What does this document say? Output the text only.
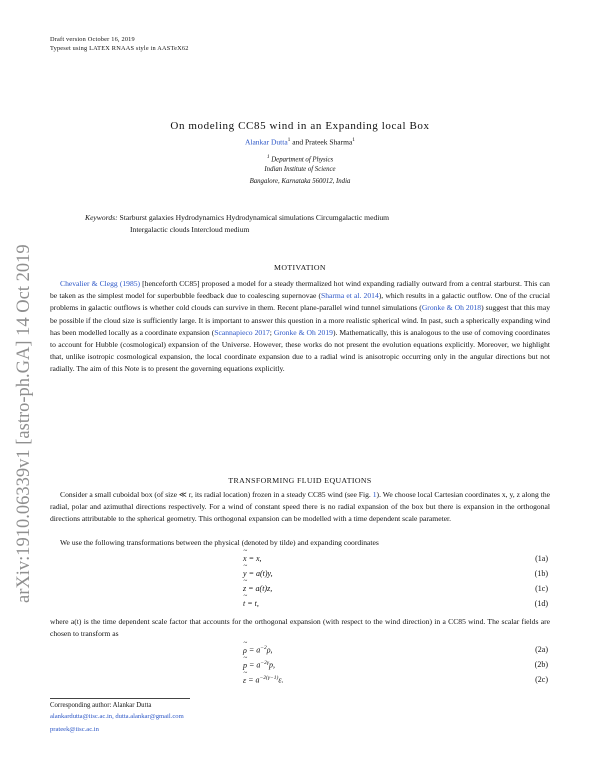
Draft version October 16, 2019
Typeset using LATEX RNAAS style in AASTeX62
arXiv:1910.06339v1 [astro-ph.GA] 14 Oct 2019
On modeling CC85 wind in an Expanding local Box
Alankar Dutta$^1$ and Prateek Sharma$^1$
$^1$ Department of Physics
Indian Institute of Science
Bangalore, Karnataka 560012, India
Keywords: Starburst galaxies Hydrodynamics Hydrodynamical simulations Circumgalactic medium
Intergalactic clouds Intercloud medium
MOTIVATION
Chevalier & Clegg (1985) [henceforth CC85] proposed a model for a steady thermalized hot wind expanding radially outward from a central starburst. This can be taken as the simplest model for superbubble feedback due to coalescing supernovae (Sharma et al. 2014), which results in a galactic outflow. One of the crucial problems in galactic outflows is whether cold clouds can survive in them. Recent plane-parallel wind tunnel simulations (Gronke & Oh 2018) suggest that this may be possible if the cloud size is sufficiently large. It is important to answer this question in a more realistic spherical wind. In past, such a spherically expanding wind has been modelled locally as a coordinate expansion (Scannapieco 2017; Gronke & Oh 2019). Mathematically, this is analogous to the use of comoving coordinates to account for Hubble (cosmological) expansion of the Universe. However, these works do not present the evolution equations explicitly. Moreover, we highlight that, unlike isotropic cosmological expansion, the local coordinate expansion due to a radial wind is anisotropic occurring only in the angular directions but not radially. The aim of this Note is to present the governing equations explicitly.
TRANSFORMING FLUID EQUATIONS
Consider a small cuboidal box (of size ≪ r, its radial location) frozen in a steady CC85 wind (see Fig. 1). We choose local Cartesian coordinates x, y, z along the radial, polar and azimuthal directions respectively. For a wind of constant speed there is no radial expansion of the box but there is expansion in the orthogonal directions attributable to the spherical geometry. This orthogonal expansion can be modelled with a time dependent scale parameter.
We use the following transformations between the physical (denoted by tilde) and expanding coordinates
~ x = x,	(1a)
~ y = a(t)y,	(1b)
~ z = a(t)z,	(1c)
~ t = t,	(1d)
where a(t) is the time dependent scale factor that accounts for the orthogonal expansion (with respect to the wind direction) in a CC85 wind. The scalar fields are chosen to transform as
~ $\rho = a^{-2}\rho$,	(2a)
~ $p = a^{-2\gamma}p$,	(2b)
~ $\varepsilon = a^{-2(\gamma-1)}\varepsilon$.	(2c)
Corresponding author: Alankar Dutta
alankardutta@iisc.ac.in, dutta.alankar@gmail.com
prateek@iisc.ac.in
